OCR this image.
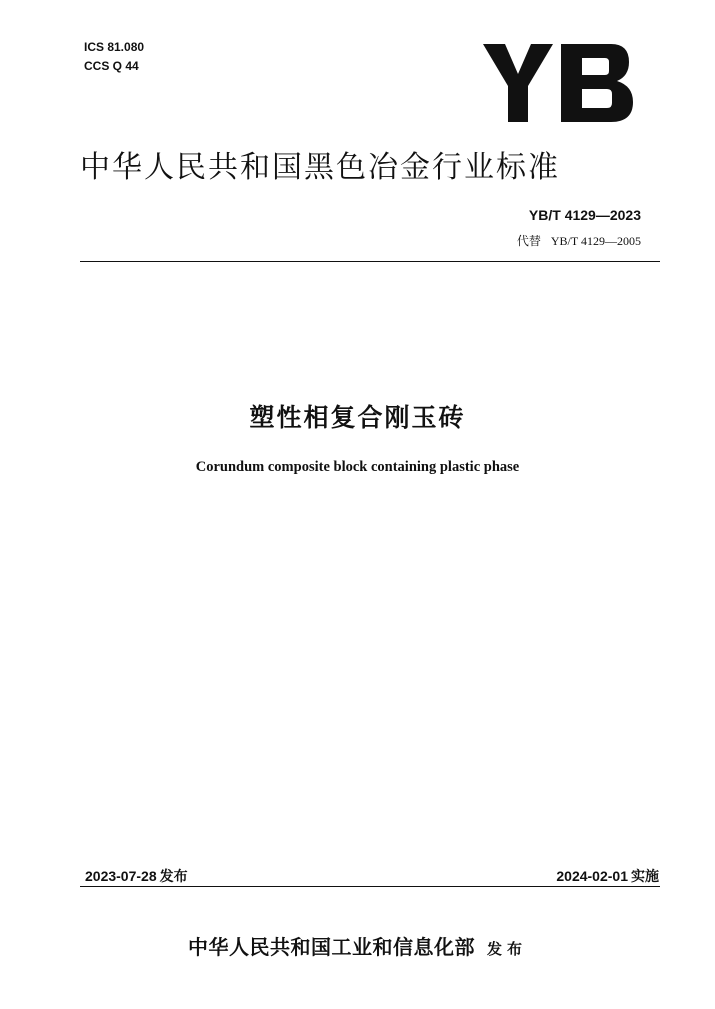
ICS 81.080
CCS Q 44
中华人民共和国黑色冶金行业标准
YB/T 4129—2023
代替 YB/T 4129—2005
塑性相复合刚玉砖
Corundum composite block containing plastic phase
2023-07-28 发布	2024-02-01 实施
中华人民共和国工业和信息化部 发布
